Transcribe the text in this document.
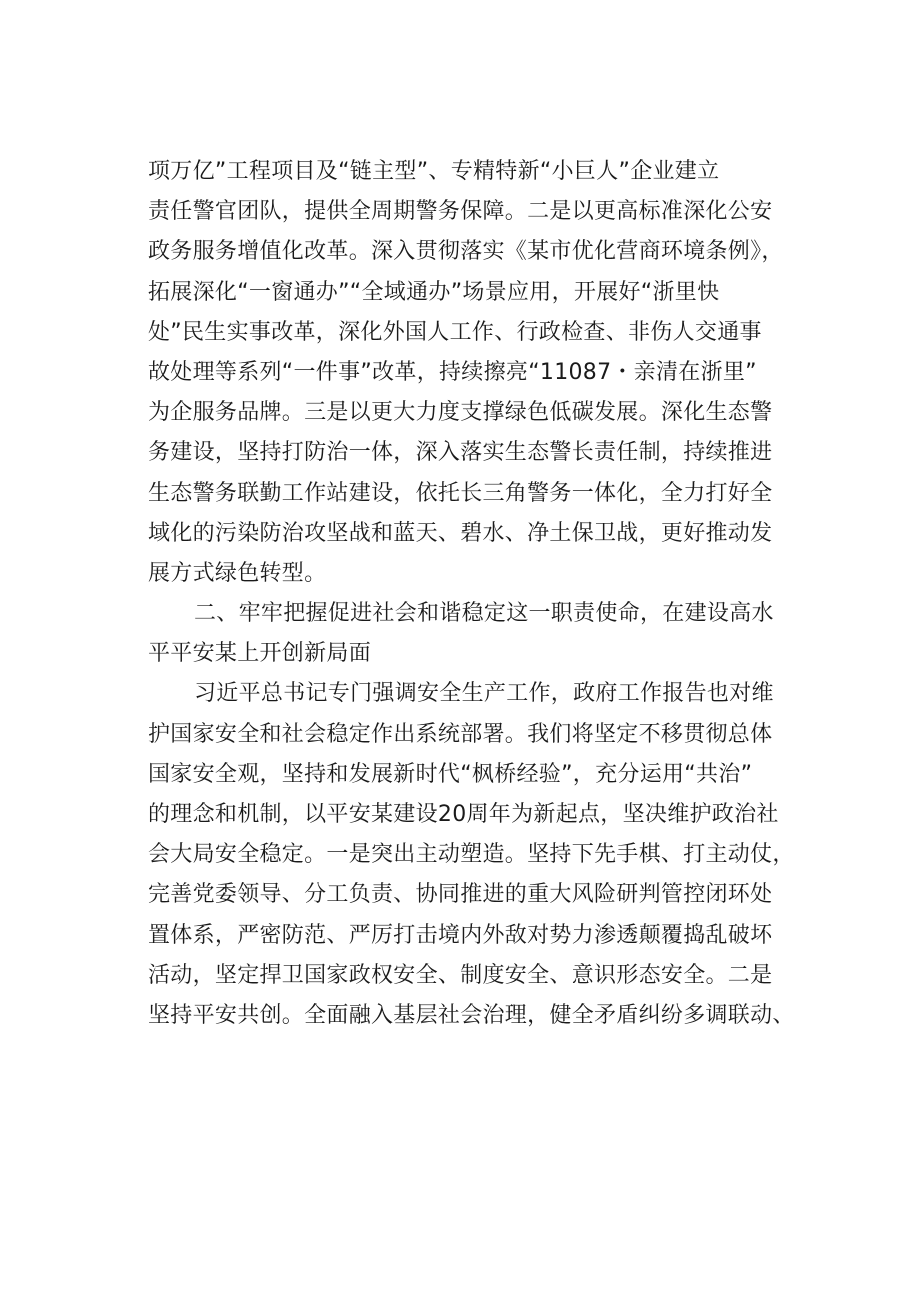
项万亿”工程项目及“链主型”、专精特新“小巨人”企业建立
责任警官团队，提供全周期警务保障。二是以更高标准深化公安
政务服务增值化改革。深入贯彻落实《某市优化营商环境条例》，
拓展深化“一窗通办”“全域通办”场景应用，开展好“浙里快
处”民生实事改革，深化外国人工作、行政检查、非伤人交通事
故处理等系列“一件事”改革，持续擦亮“11087・亲清在浙里”
为企服务品牌。三是以更大力度支撑绿色低碳发展。深化生态警
务建设，坚持打防治一体，深入落实生态警长责任制，持续推进
生态警务联勤工作站建设，依托长三角警务一体化，全力打好全
域化的污染防治攻坚战和蓝天、碧水、净土保卫战，更好推动发
展方式绿色转型。
二、牢牢把握促进社会和谐稳定这一职责使命，在建设高水
平平安某上开创新局面
习近平总书记专门强调安全生产工作，政府工作报告也对维
护国家安全和社会稳定作出系统部署。我们将坚定不移贯彻总体
国家安全观，坚持和发展新时代“枫桥经验”，充分运用“共治”
的理念和机制，以平安某建设20周年为新起点，坚决维护政治社
会大局安全稳定。一是突出主动塑造。坚持下先手棋、打主动仗，
完善党委领导、分工负责、协同推进的重大风险研判管控闭环处
置体系，严密防范、严厉打击境内外敌对势力渗透颠覆捣乱破坏
活动，坚定捍卫国家政权安全、制度安全、意识形态安全。二是
坚持平安共创。全面融入基层社会治理，健全矛盾纠纷多调联动、
